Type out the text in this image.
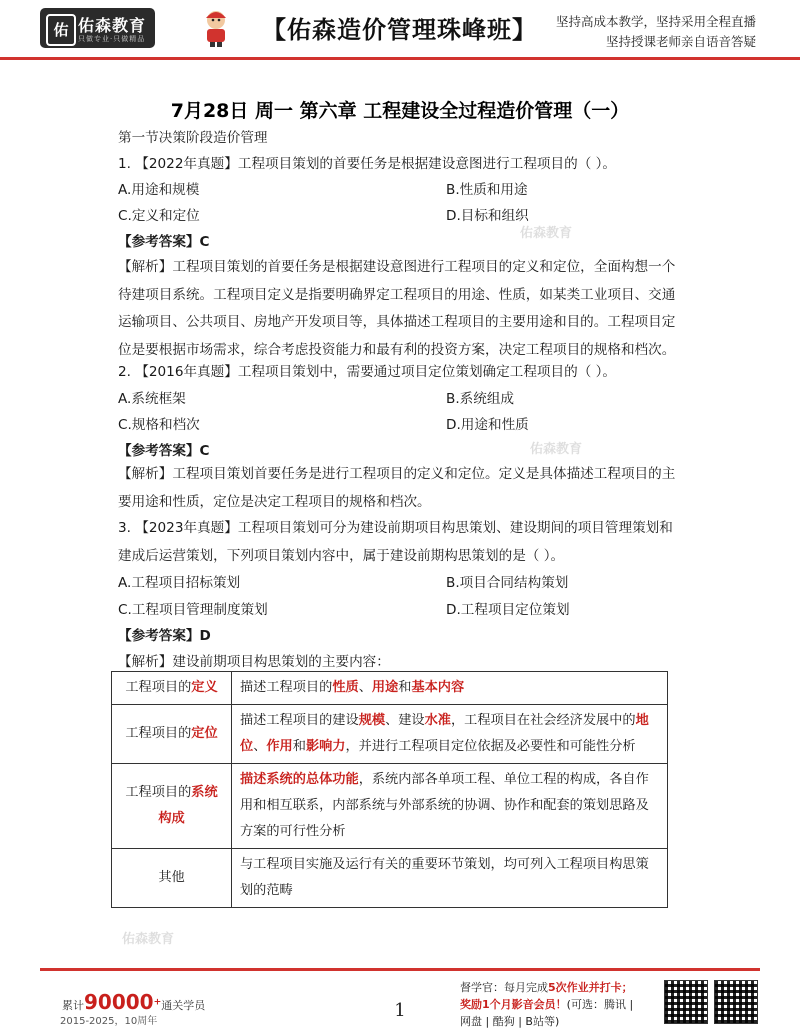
佑 佑森教育
只做专业·只做精品	【佑森造价管理珠峰班】 坚持高成本教学，坚持采用全程直播
坚持授课老师亲自语音答疑
佑森教育
佑森教育
佑森教育
7月28日 周一 第六章 工程建设全过程造价管理（一）
第一节决策阶段造价管理
1. 【2022年真题】工程项目策划的首要任务是根据建设意图进行工程项目的（ ）。
A.用途和规模	B.性质和用途
C.定义和定位	D.目标和组织
【参考答案】C
【解析】工程项目策划的首要任务是根据建设意图进行工程项目的定义和定位，全面构想一个待建项目系统。工程项目定义是指要明确界定工程项目的用途、性质，如某类工业项目、交通运输项目、公共项目、房地产开发项目等，具体描述工程项目的主要用途和目的。工程项目定位是要根据市场需求，综合考虑投资能力和最有利的投资方案，决定工程项目的规格和档次。
2. 【2016年真题】工程项目策划中，需要通过项目定位策划确定工程项目的（ ）。
A.系统框架	B.系统组成
C.规格和档次	D.用途和性质
【参考答案】C
【解析】工程项目策划首要任务是进行工程项目的定义和定位。定义是具体描述工程项目的主要用途和性质，定位是决定工程项目的规格和档次。
3. 【2023年真题】工程项目策划可分为建设前期项目构思策划、建设期间的项目管理策划和建成后运营策划，下列项目策划内容中，属于建设前期构思策划的是（ ）。
A.工程项目招标策划	B.项目合同结构策划
C.工程项目管理制度策划	D.工程项目定位策划
【参考答案】D
【解析】建设前期项目构思策划的主要内容：
工程项目的定义	描述工程项目的性质、用途和基本内容
工程项目的定位	描述工程项目的建设规模、建设水准，工程项目在社会经济发展中的地位、作用和影响力，并进行工程项目定位依据及必要性和可能性分析
工程项目的系统构成	描述系统的总体功能，系统内部各单项工程、单位工程的构成，各自作用和相互联系，内部系统与外部系统的协调、协作和配套的策划思路及方案的可行性分析
其他	与工程项目实施及运行有关的重要环节策划，均可列入工程项目构思策划的范畴
累计90000+通关学员
2015-2025，10周年
1
督学官：每月完成5次作业并打卡；
奖励1个月影音会员！(可选：腾讯 |
网盘 | 酷狗 | B站等)
